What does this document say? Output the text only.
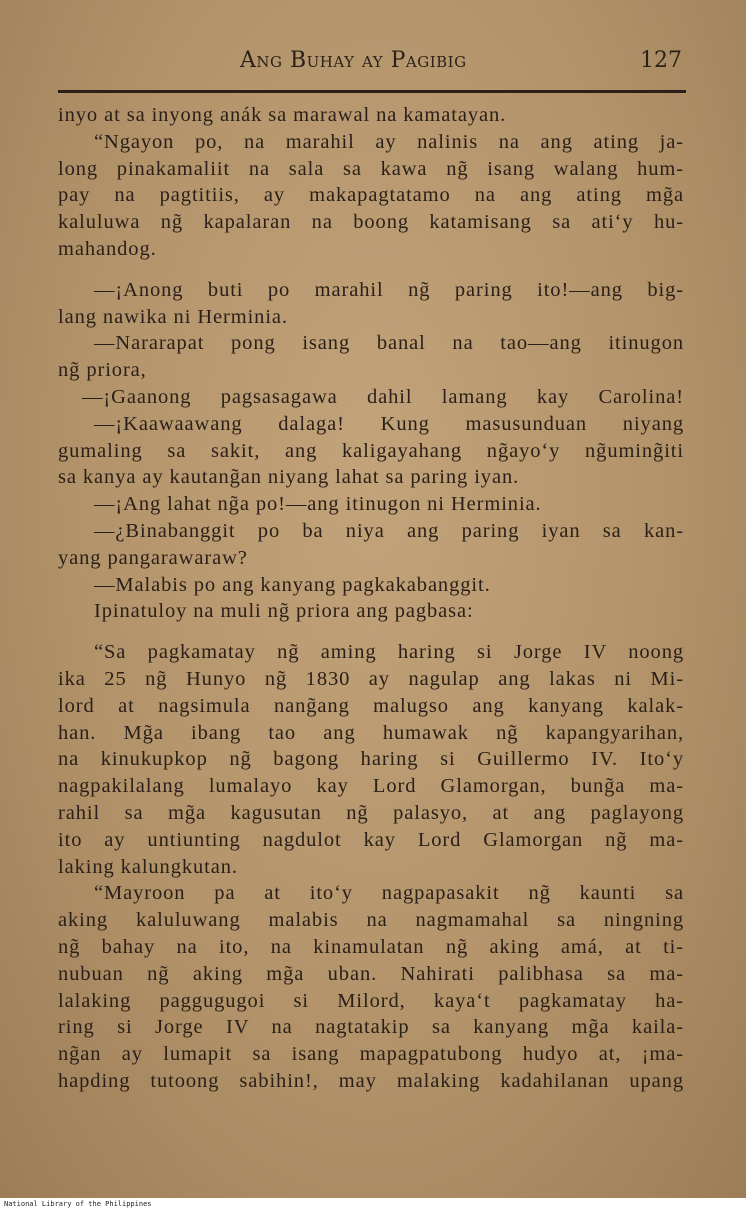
Ang Buhay ay Pagibig	127

inyo at sa inyong anák sa marawal na kamatayan.

“Ngayon po, na marahil ay nalinis na ang ating ja-

long pinakamaliit na sala sa kawa ng̃ isang walang hum-

pay na pagtitiis, ay makapagtatamo na ang ating mg̃a

kaluluwa ng̃ kapalaran na boong katamisang sa ati‘y hu-

mahandog.

—¡Anong buti po marahil ng̃ paring ito!—ang big-

lang nawika ni Herminia.

—Nararapat pong isang banal na tao—ang itinugon

ng̃ priora,

—¡Gaanong pagsasagawa dahil lamang kay Carolina!

—¡Kaawaawang dalaga! Kung masusunduan niyang

gumaling sa sakit, ang kaligayahang ng̃ayo‘y ng̃uming̃iti

sa kanya ay kautang̃an niyang lahat sa paring iyan.

—¡Ang lahat ng̃a po!—ang itinugon ni Herminia.

—¿Binabanggit po ba niya ang paring iyan sa kan-

yang pangarawaraw?

—Malabis po ang kanyang pagkakabanggit.

Ipinatuloy na muli ng̃ priora ang pagbasa:

“Sa pagkamatay ng̃ aming haring si Jorge IV noong

ika 25 ng̃ Hunyo ng̃ 1830 ay nagulap ang lakas ni Mi-

lord at nagsimula nang̃ang malugso ang kanyang kalak-

han. Mg̃a ibang tao ang humawak ng̃ kapangyarihan,

na kinukupkop ng̃ bagong haring si Guillermo IV. Ito‘y

nagpakilalang lumalayo kay Lord Glamorgan, bung̃a ma-

rahil sa mg̃a kagusutan ng̃ palasyo, at ang paglayong

ito ay untiunting nagdulot kay Lord Glamorgan ng̃ ma-

laking kalungkutan.

“Mayroon pa at ito‘y nagpapasakit ng̃ kaunti sa

aking kaluluwang malabis na nagmamahal sa ningning

ng̃ bahay na ito, na kinamulatan ng̃ aking amá, at ti-

nubuan ng̃ aking mg̃a uban. Nahirati palibhasa sa ma-

lalaking paggugugoi si Milord, kaya‘t pagkamatay ha-

ring si Jorge IV na nagtatakip sa kanyang mg̃a kaila-

ng̃an ay lumapit sa isang mapagpatubong hudyo at, ¡ma-

hapding tutoong sabihin!, may malaking kadahilanan upang

National Library of the Philippines
